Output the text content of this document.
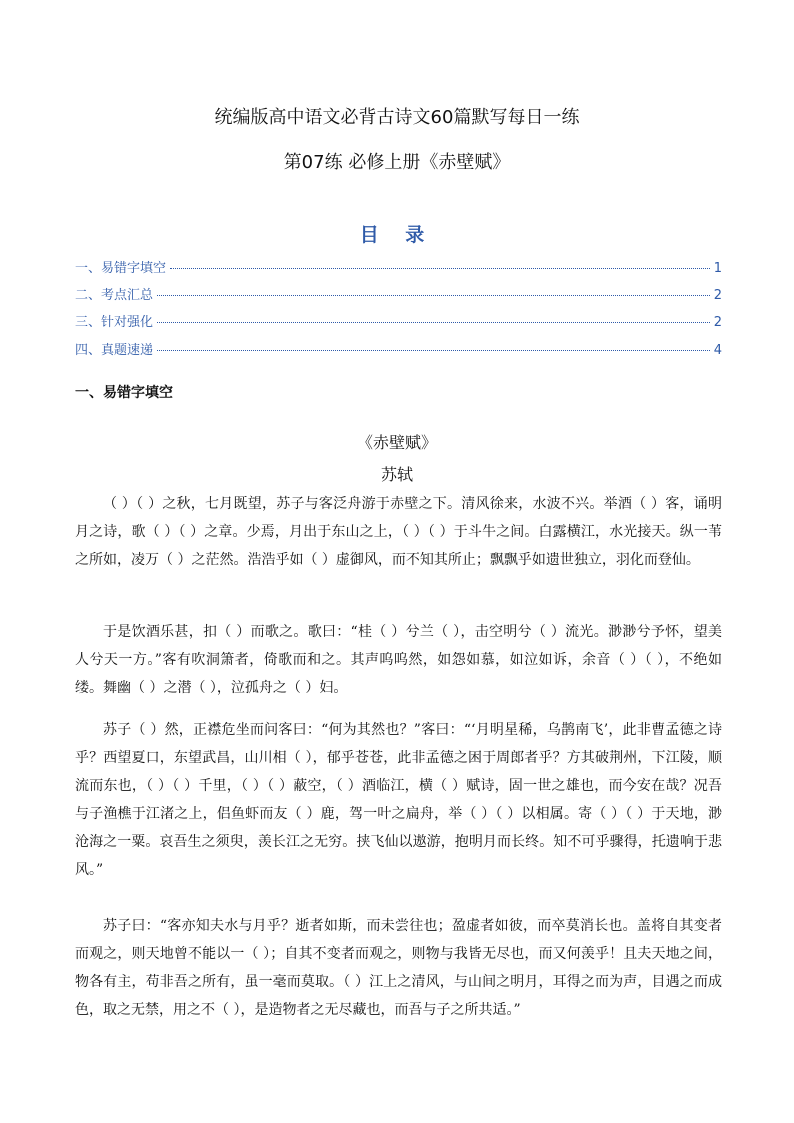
统编版高中语文必背古诗文60篇默写每日一练
第07练 必修上册《赤壁赋》
目 录
一、易错字填空	1
二、考点汇总	2
三、针对强化	2
四、真题速递	4
一、易错字填空
《赤壁赋》
苏轼
（ ）（ ）之秋，七月既望，苏子与客泛舟游于赤壁之下。清风徐来，水波不兴。举酒（ ）客，诵明月之诗，歌（ ）（ ）之章。少焉，月出于东山之上，（ ）（ ）于斗牛之间。白露横江，水光接天。纵一苇之所如，凌万（ ）之茫然。浩浩乎如（ ）虚御风，而不知其所止；飘飘乎如遗世独立，羽化而登仙。
于是饮酒乐甚，扣（ ）而歌之。歌曰：“桂（ ）兮兰（ ），击空明兮（ ）流光。渺渺兮予怀，望美人兮天一方。”客有吹洞箫者，倚歌而和之。其声呜呜然，如怨如慕，如泣如诉，余音（ ）（ ），不绝如缕。舞幽（ ）之潜（ ），泣孤舟之（ ）妇。
苏子（ ）然，正襟危坐而问客曰：“何为其然也？”客曰：“‘月明星稀，乌鹊南飞’，此非曹孟德之诗乎？西望夏口，东望武昌，山川相（ ），郁乎苍苍，此非孟德之困于周郎者乎？方其破荆州，下江陵，顺流而东也，（ ）（ ）千里，（ ）（ ）蔽空，（ ）酒临江，横（ ）赋诗，固一世之雄也，而今安在哉？况吾与子渔樵于江渚之上，侣鱼虾而友（ ）鹿，驾一叶之扁舟，举（ ）（ ）以相属。寄（ ）（ ）于天地，渺沧海之一粟。哀吾生之须臾，羡长江之无穷。挟飞仙以遨游，抱明月而长终。知不可乎骤得，托遗响于悲风。”
苏子曰：“客亦知夫水与月乎？逝者如斯，而未尝往也；盈虚者如彼，而卒莫消长也。盖将自其变者而观之，则天地曾不能以一（ ）；自其不变者而观之，则物与我皆无尽也，而又何羡乎！且夫天地之间，物各有主，苟非吾之所有，虽一毫而莫取。（ ）江上之清风，与山间之明月，耳得之而为声，目遇之而成色，取之无禁，用之不（ ），是造物者之无尽藏也，而吾与子之所共适。”
